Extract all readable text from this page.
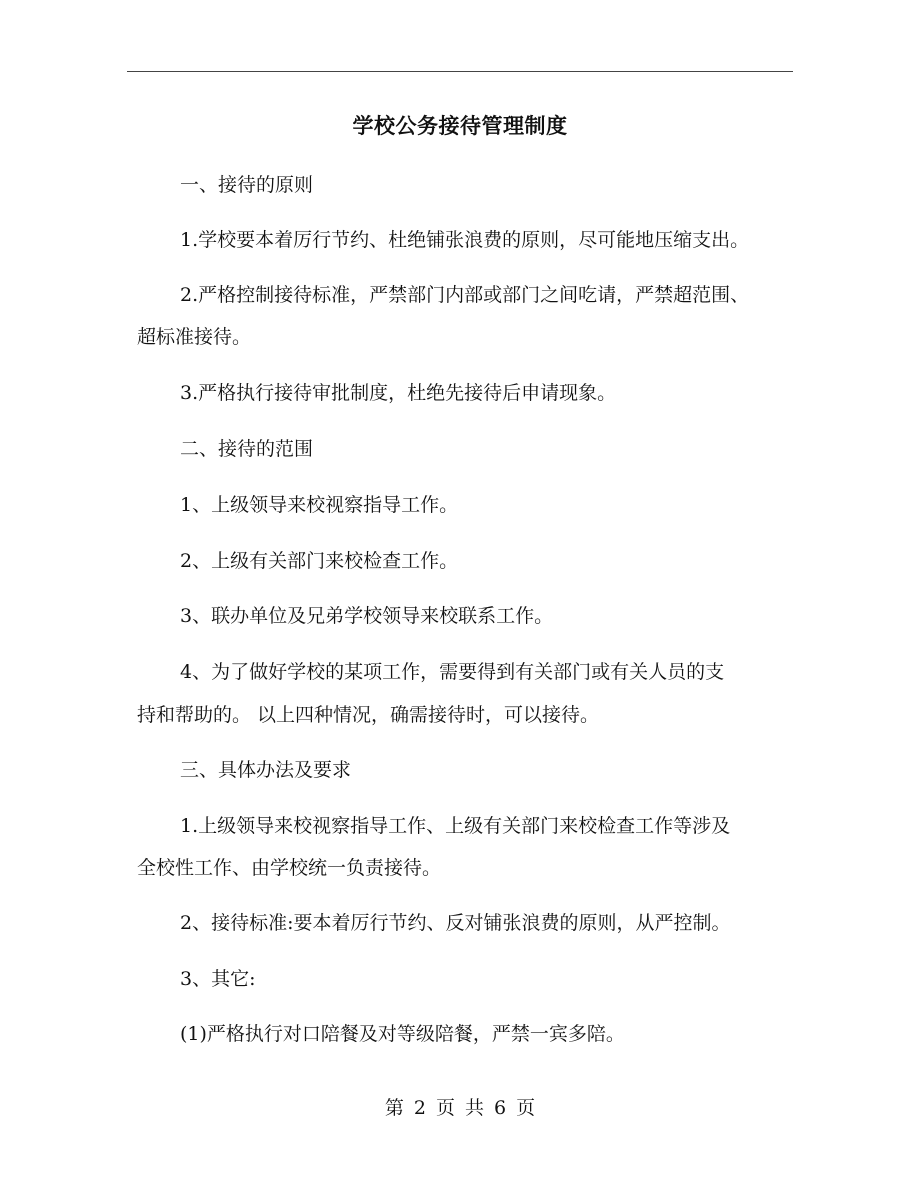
学校公务接待管理制度
一、接待的原则
1.学校要本着厉行节约、杜绝铺张浪费的原则，尽可能地压缩支出。
2.严格控制接待标准，严禁部门内部或部门之间吃请，严禁超范围、
超标准接待。
3.严格执行接待审批制度，杜绝先接待后申请现象。
二、接待的范围
1、上级领导来校视察指导工作。
2、上级有关部门来校检查工作。
3、联办单位及兄弟学校领导来校联系工作。
4、为了做好学校的某项工作，需要得到有关部门或有关人员的支
持和帮助的。 以上四种情况，确需接待时，可以接待。
三、具体办法及要求
1.上级领导来校视察指导工作、上级有关部门来校检查工作等涉及
全校性工作、由学校统一负责接待。
2、接待标准:要本着厉行节约、反对铺张浪费的原则，从严控制。
3、其它:
(1)严格执行对口陪餐及对等级陪餐，严禁一宾多陪。
第 2 页 共 6 页
